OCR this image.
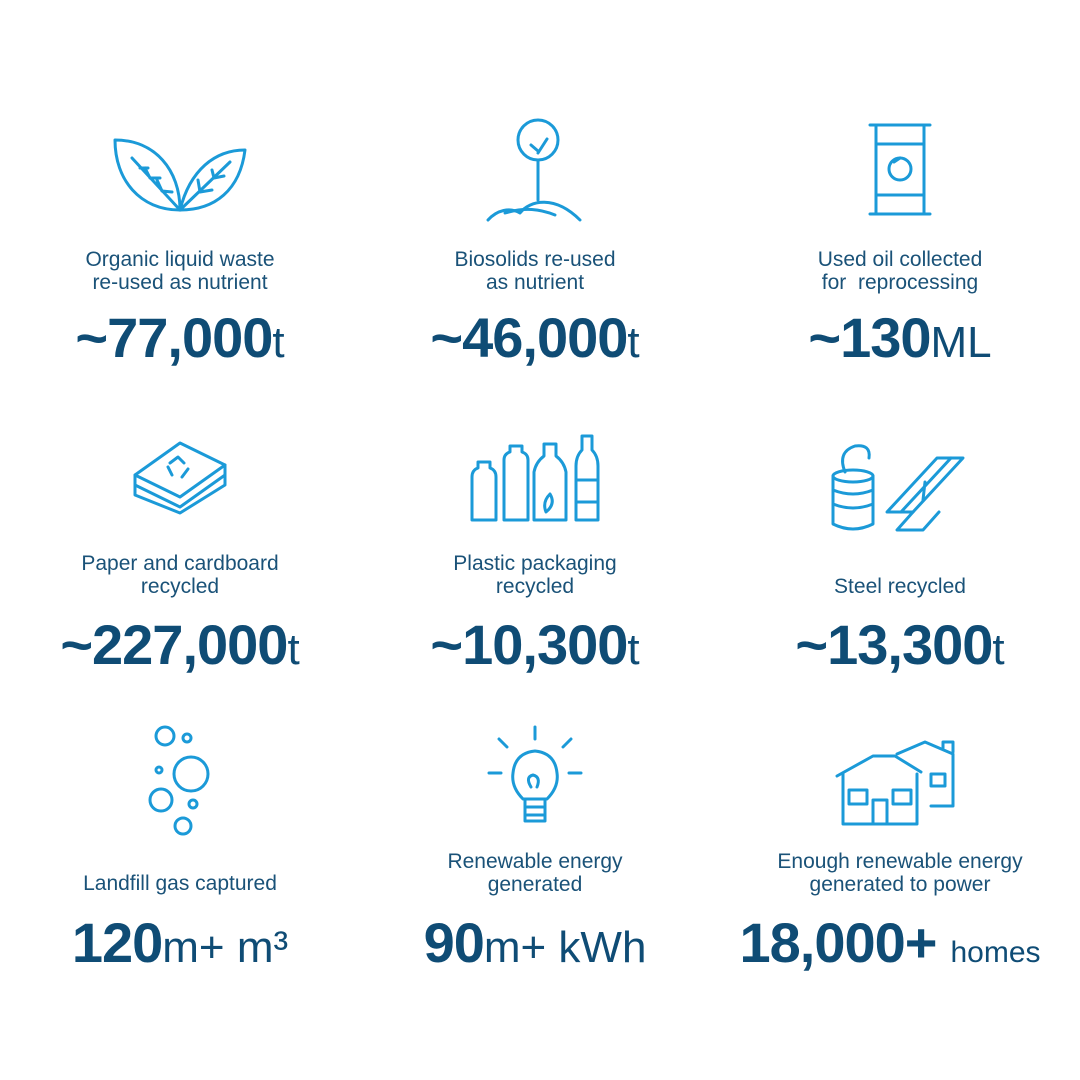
Organic liquid waste
re-used as nutrient
~77,000t
Biosolids re-used
as nutrient
~46,000t
Used oil collected
for  reprocessing
~130ML
Paper and cardboard
recycled
~227,000t
Plastic packaging
recycled
~10,300t
Steel recycled
~13,300t
Landfill gas captured
120m+ m³
Renewable energy
generated
90m+ kWh
Enough renewable energy
generated to power
18,000+ homes
